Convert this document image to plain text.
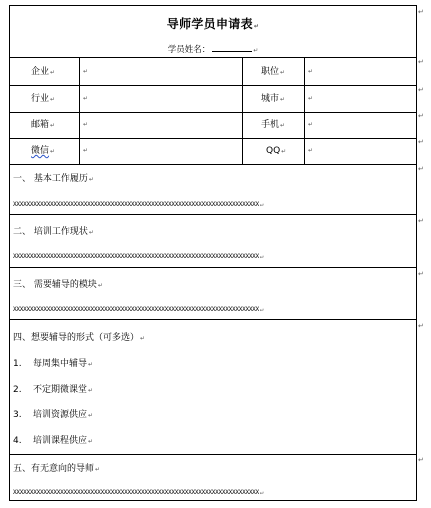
导师学员申请表↵
学员姓名：	↵
企业↵	↵	职位↵	↵
行业↵	↵	城市↵	↵
邮箱↵	↵	手机↵	↵
微信↵	↵	QQ↵	↵
一、 基本工作履历↵
XXXXXXXXXXXXXXXXXXXXXXXXXXXXXXXXXXXXXXXXXXXXXXXXXXXXXXXXXXXXXXXXXXXXXXXXX↵
二、 培训工作现状↵
XXXXXXXXXXXXXXXXXXXXXXXXXXXXXXXXXXXXXXXXXXXXXXXXXXXXXXXXXXXXXXXXXXXXXXXXX↵
三、 需要辅导的模块↵
XXXXXXXXXXXXXXXXXXXXXXXXXXXXXXXXXXXXXXXXXXXXXXXXXXXXXXXXXXXXXXXXXXXXXXXXX↵
四、想要辅导的形式（可多选）↵
1. 每周集中辅导↵
2. 不定期微课堂↵
3. 培训资源供应↵
4. 培训课程供应↵
五、有无意向的导师↵
XXXXXXXXXXXXXXXXXXXXXXXXXXXXXXXXXXXXXXXXXXXXXXXXXXXXXXXXXXXXXXXXXXXXXXXXX↵
↵
↵
↵
↵
↵
↵
↵
↵
↵
↵
